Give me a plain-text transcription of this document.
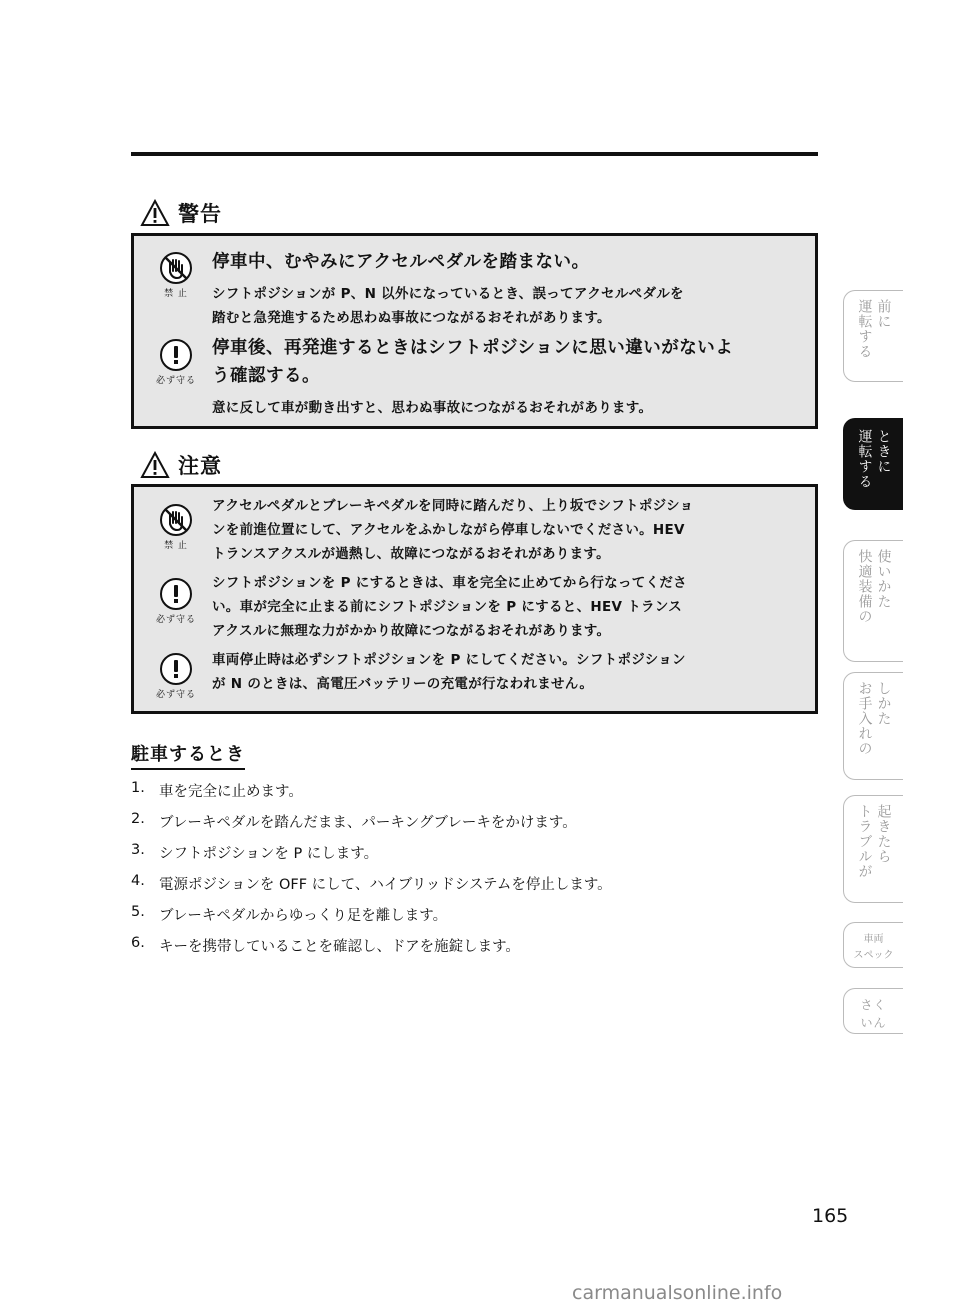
警告
禁 止
停車中、むやみにアクセルペダルを踏まない。
シフトポジションが P、N 以外になっているとき、誤ってアクセルペダルを
踏むと急発進するため思わぬ事故につながるおそれがあります。
必ず守る
停車後、再発進するときはシフトポジションに思い違いがないよ
う確認する。
意に反して車が動き出すと、思わぬ事故につながるおそれがあります。
注意
禁 止
アクセルペダルとブレーキペダルを同時に踏んだり、上り坂でシフトポジショ
ンを前進位置にして、アクセルをふかしながら停車しないでください。HEV
トランスアクスルが過熱し、故障につながるおそれがあります。
必ず守る
シフトポジションを P にするときは、車を完全に止めてから行なってくださ
い。車が完全に止まる前にシフトポジションを P にすると、HEV トランス
アクスルに無理な力がかかり故障につながるおそれがあります。
必ず守る
車両停止時は必ずシフトポジションを P にしてください。シフトポジション
が N のときは、高電圧バッテリーの充電が行なわれません。
駐車するとき
1. 車を完全に止めます。
2. ブレーキペダルを踏んだまま、パーキングブレーキをかけます。
3. シフトポジションを P にします。
4. 電源ポジションを OFF にして、ハイブリッドシステムを停止します。
5. ブレーキペダルからゆっくり足を離します。
6. キーを携帯していることを確認し、ドアを施錠します。
運転する 前に
運転する ときに
快適装備の 使いかた
お手入れの しかた
トラブルが 起きたら
車両
スペック
さく
いん
165
carmanualsonline.info
